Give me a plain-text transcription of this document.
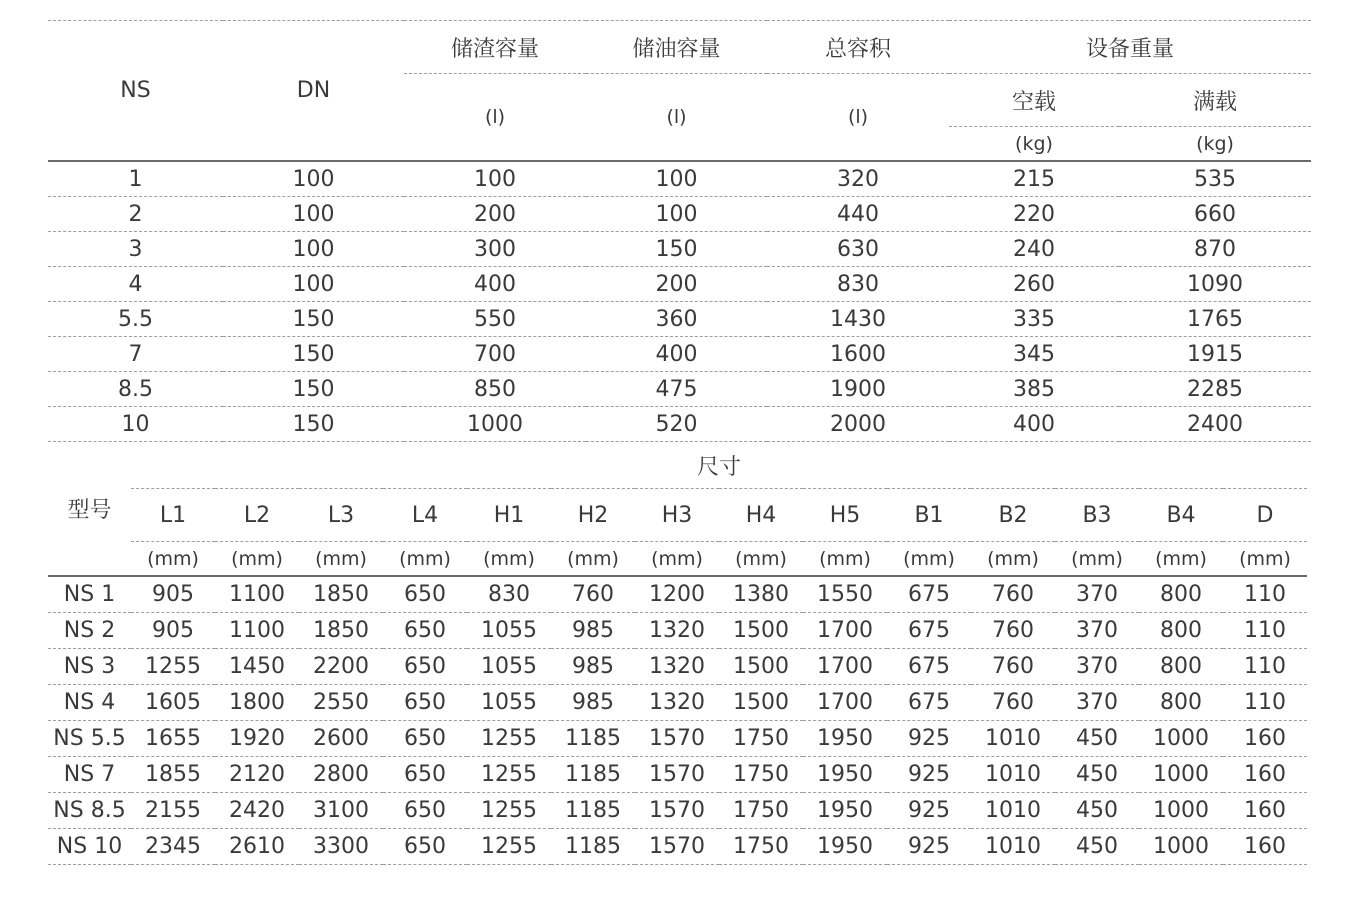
NS	DN	储渣容量	储油容量	总容积	设备重量	
		(l)	(l)	(l)	空载	满载
					(kg)	(kg)

1	100	100	100	320	215	535
2	100	200	100	440	220	660
3	100	300	150	630	240	870
4	100	400	200	830	260	1090
5.5	150	550	360	1430	335	1765
7	150	700	400	1600	345	1915
8.5	150	850	475	1900	385	2285
10	150	1000	520	2000	400	2400
型号	尺寸													
	L1	L2	L3	L4	H1	H2	H3	H4	H5	B1	B2	B3	B4	D
	(mm)	(mm)	(mm)	(mm)	(mm)	(mm)	(mm)	(mm)	(mm)	(mm)	(mm)	(mm)	(mm)	(mm)

NS 1	905	1100	1850	650	830	760	1200	1380	1550	675	760	370	800	110
NS 2	905	1100	1850	650	1055	985	1320	1500	1700	675	760	370	800	110
NS 3	1255	1450	2200	650	1055	985	1320	1500	1700	675	760	370	800	110
NS 4	1605	1800	2550	650	1055	985	1320	1500	1700	675	760	370	800	110
NS 5.5	1655	1920	2600	650	1255	1185	1570	1750	1950	925	1010	450	1000	160
NS 7	1855	2120	2800	650	1255	1185	1570	1750	1950	925	1010	450	1000	160
NS 8.5	2155	2420	3100	650	1255	1185	1570	1750	1950	925	1010	450	1000	160
NS 10	2345	2610	3300	650	1255	1185	1570	1750	1950	925	1010	450	1000	160
